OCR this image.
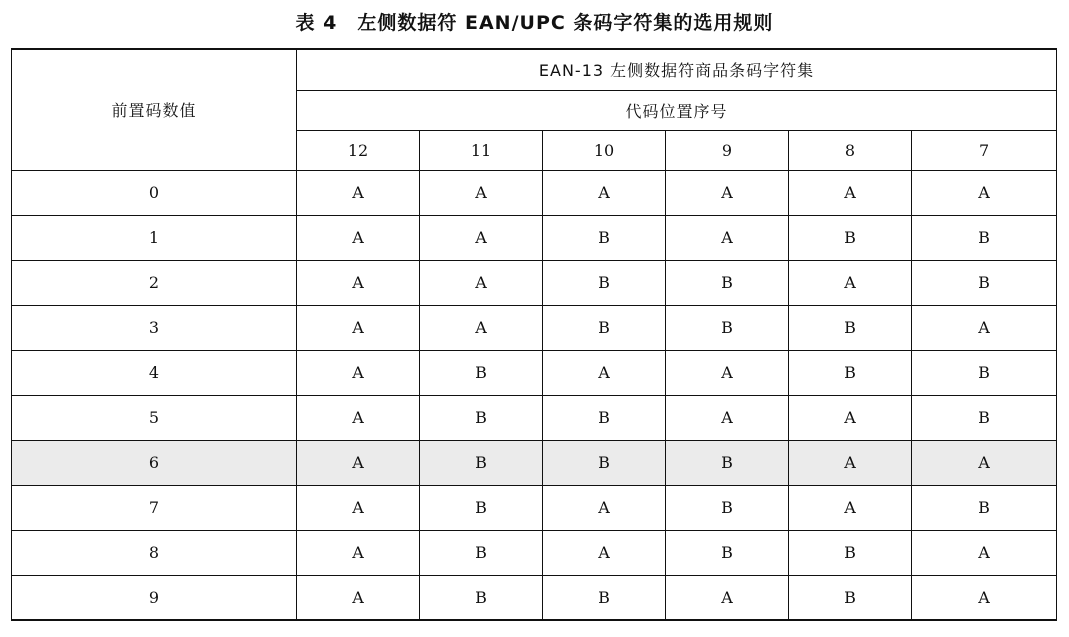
表 4　左侧数据符 EAN/UPC 条码字符集的选用规则
前置码数值	EAN-13 左侧数据符商品条码字符集					
	代码位置序号					
	12	11	10	9	8	7
0	A	A	A	A	A	A
1	A	A	B	A	B	B
2	A	A	B	B	A	B
3	A	A	B	B	B	A
4	A	B	A	A	B	B
5	A	B	B	A	A	B
6	A	B	B	B	A	A
7	A	B	A	B	A	B
8	A	B	A	B	B	A
9	A	B	B	A	B	A
